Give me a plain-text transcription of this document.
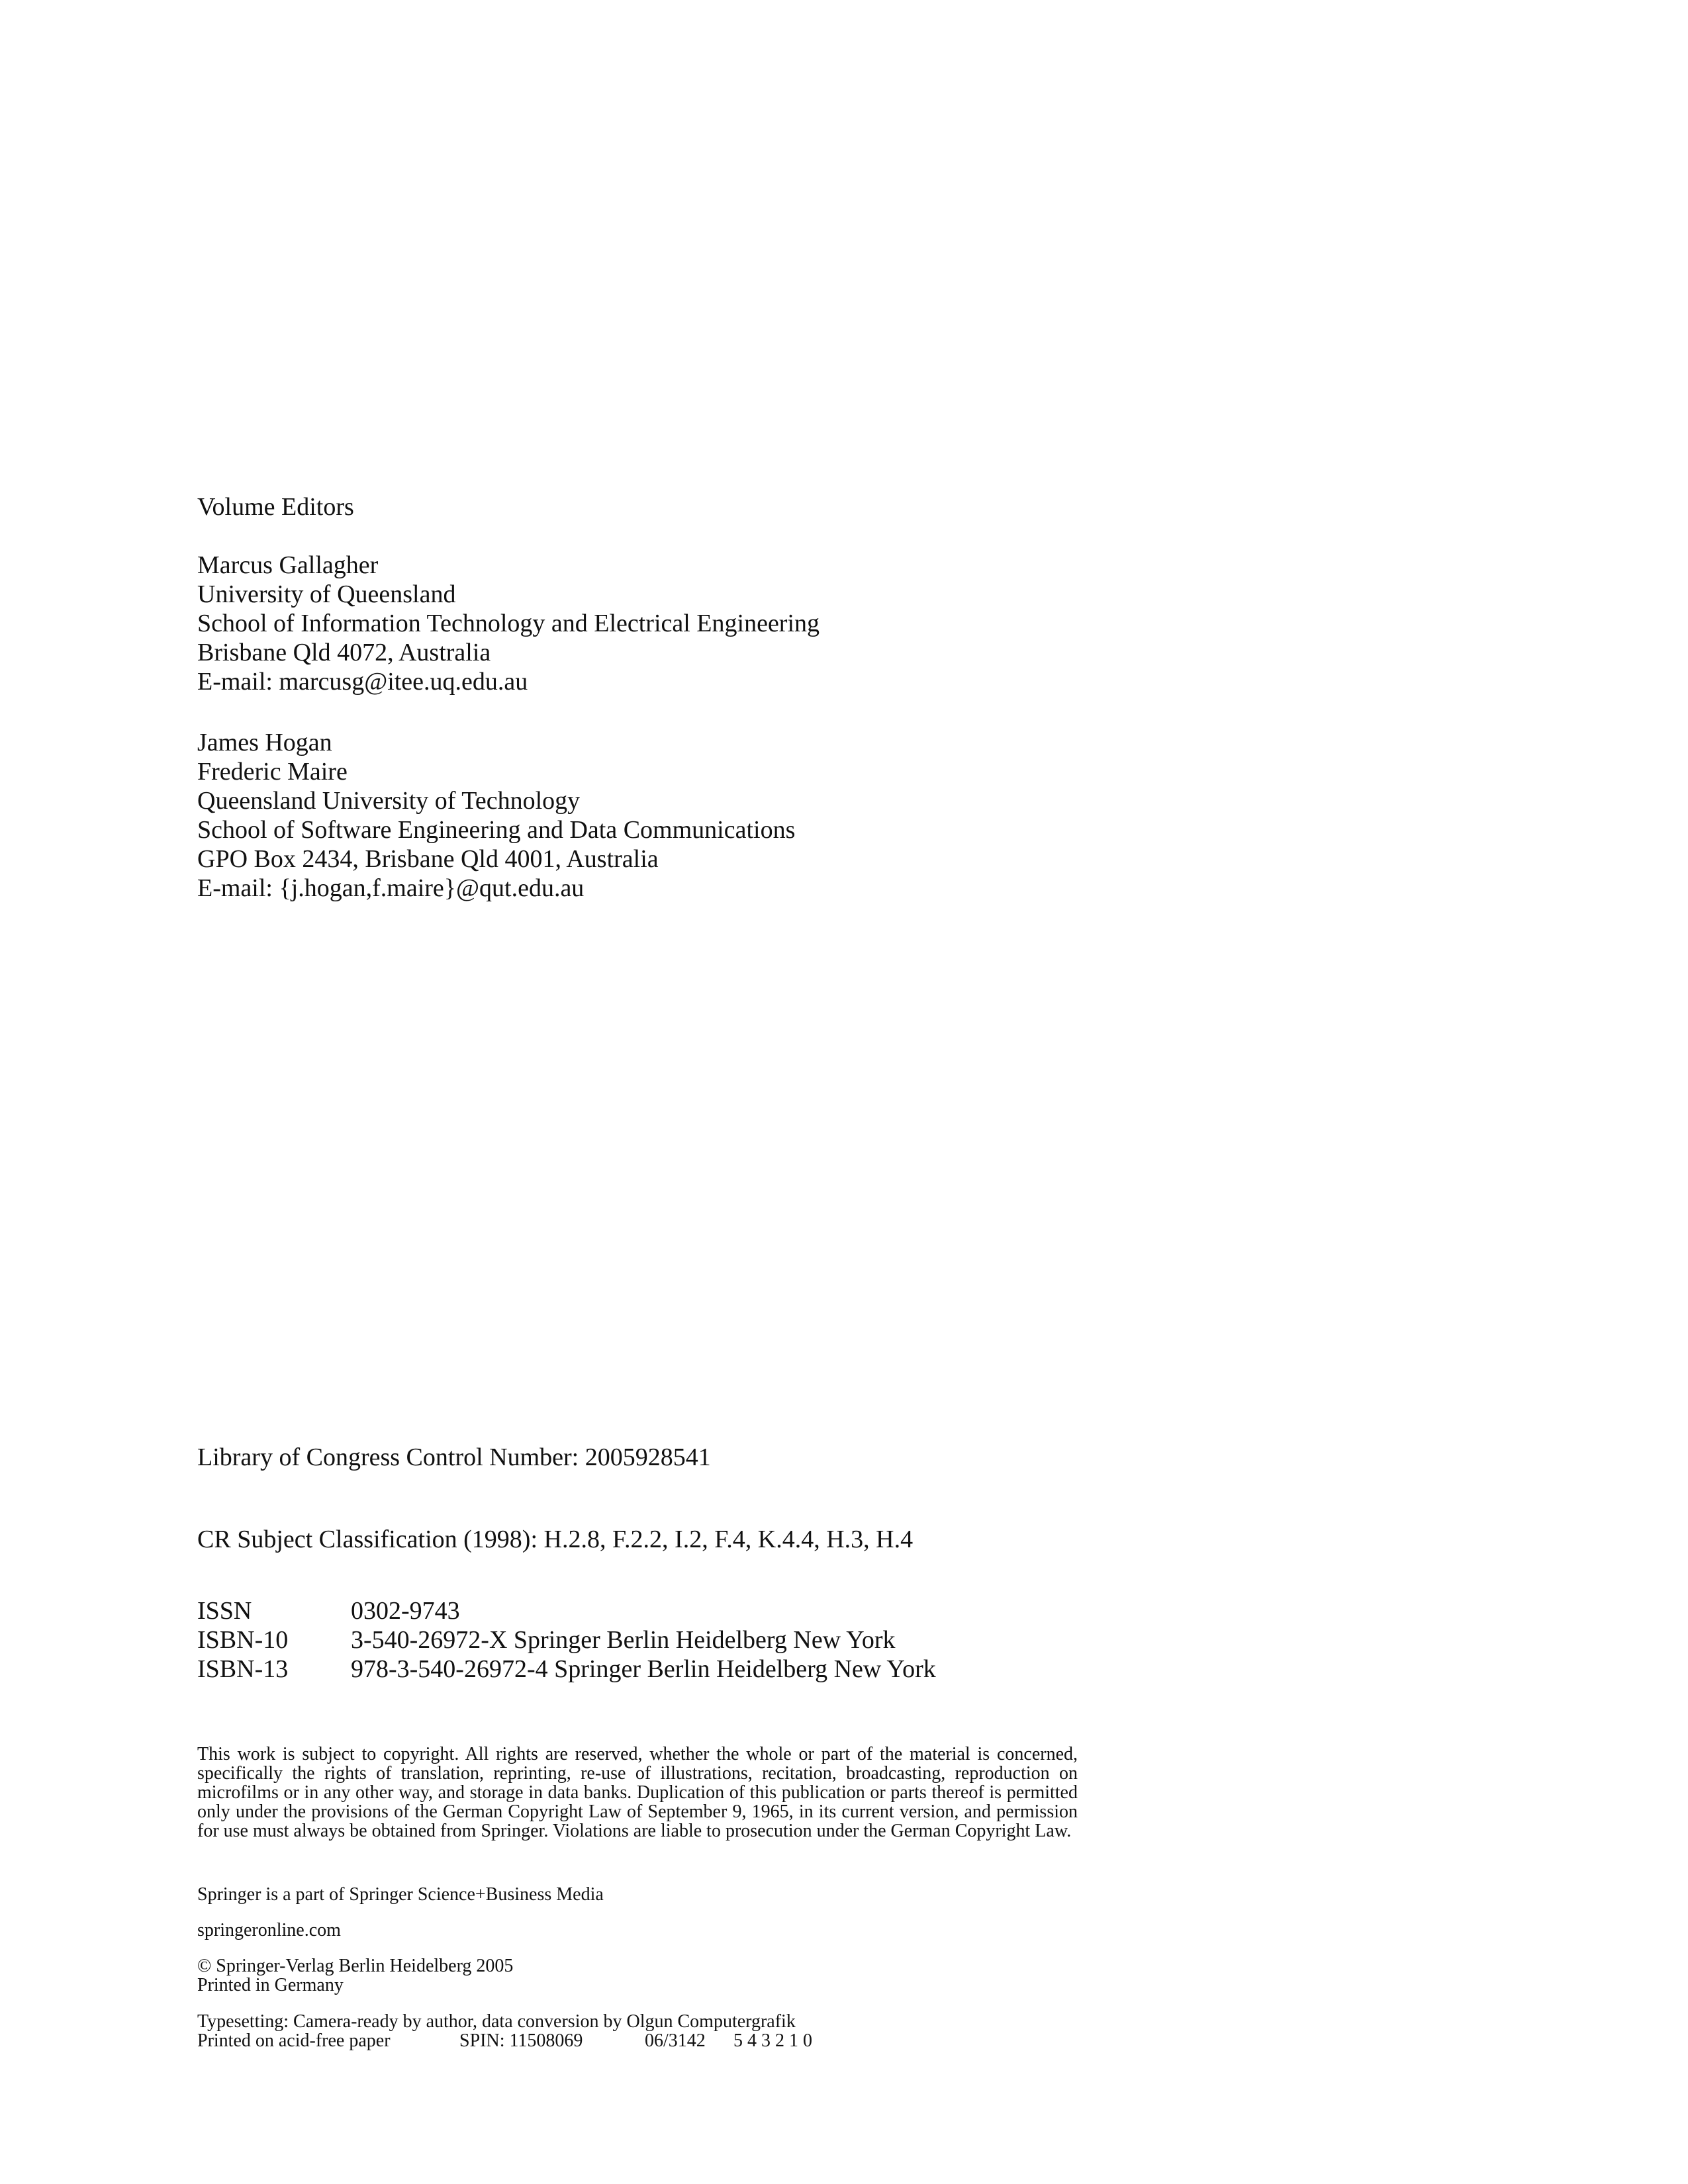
Volume Editors
Marcus Gallagher
University of Queensland
School of Information Technology and Electrical Engineering
Brisbane Qld 4072, Australia
E-mail: marcusg@itee.uq.edu.au
James Hogan
Frederic Maire
Queensland University of Technology
School of Software Engineering and Data Communications
GPO Box 2434, Brisbane Qld 4001, Australia
E-mail: {j.hogan,f.maire}@qut.edu.au
Library of Congress Control Number: 2005928541
CR Subject Classification (1998): H.2.8, F.2.2, I.2, F.4, K.4.4, H.3, H.4
ISSN	0302-9743
ISBN-10	3-540-26972-X Springer Berlin Heidelberg New York
ISBN-13	978-3-540-26972-4 Springer Berlin Heidelberg New York

This work is subject to copyright. All rights are reserved, whether the whole or part of the material is concerned, specifically the rights of translation, reprinting, re-use of illustrations, recitation, broadcasting, reproduction on microfilms or in any other way, and storage in data banks. Duplication of this publication or parts thereof is permitted only under the provisions of the German Copyright Law of September 9, 1965, in its current version, and permission for use must always be obtained from Springer. Violations are liable to prosecution under the German Copyright Law.

Springer is a part of Springer Science+Business Media
springeronline.com
© Springer-Verlag Berlin Heidelberg 2005
Printed in Germany
Typesetting: Camera-ready by author, data conversion by Olgun Computergrafik
Printed on acid-free paper	SPIN: 11508069	06/3142	5 4 3 2 1 0
